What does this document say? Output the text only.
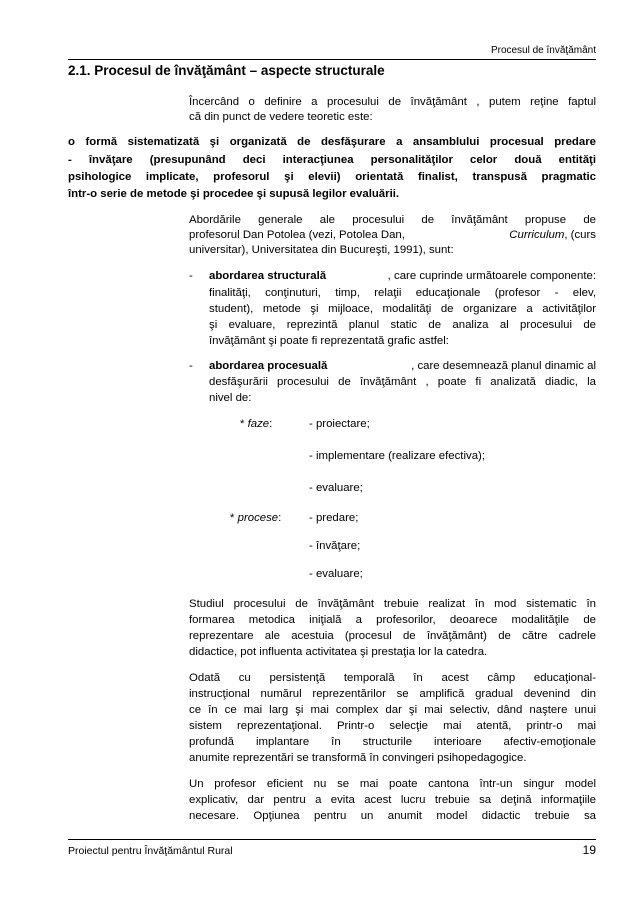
Procesul de învăţământ
2.1. Procesul de învăţământ – aspecte structurale
Încercând o definire a procesului de învăţământ , putem reţine faptul
că din punct de vedere teoretic este:
o formă sistematizată şi organizată de desfăşurare a ansamblului procesual predare
- învăţare (presupunând deci interacţiunea personalităţilor celor două entităţi
psihologice implicate, profesorul şi elevii) orientată finalist, transpusă pragmatic
într-o serie de metode şi procedee şi supusă legilor evaluării.
Abordările generale ale procesului de învăţământ propuse de
profesorul Dan Potolea (vezi, Potolea Dan,	Curriculum, (curs
universitar), Universitatea din Bucureşti, 1991), sunt:
- abordarea structurală	, care cuprinde următoarele componente:
finalităţi, conţinuturi, timp, relaţii educaţionale (profesor - elev,
student), metode şi mijloace, modalităţi de organizare a activităţilor
şi evaluare, reprezintă planul static de analiza al procesului de
învăţământ şi poate fi reprezentată grafic astfel:
- abordarea procesuală	, care desemnează planul dinamic al
desfăşurării procesului de învăţământ , poate fi analizată diadic, la
nivel de:
* faze:	- proiectare;
- implementare (realizare efectiva);
- evaluare;
* procese: - predare;
- învăţare;
- evaluare;
Studiul procesului de învăţământ trebuie realizat în mod sistematic în
formarea metodica iniţială a profesorilor, deoarece modalităţile de
reprezentare ale acestuia (procesul de învăţământ) de către cadrele
didactice, pot influenta activitatea şi prestaţia lor la catedra.
Odată cu persistenţă temporală în acest câmp educaţional-
instrucţional numărul reprezentărilor se amplifică gradual devenind din
ce în ce mai larg şi mai complex dar şi mai selectiv, dând naştere unui
sistem reprezentaţional. Printr-o selecţie mai atentă, printr-o mai
profundă implantare în structurile interioare afectiv-emoţionale
anumite reprezentări se transformă în convingeri psihopedagogice.
Un profesor eficient nu se mai poate cantona într-un singur model
explicativ, dar pentru a evita acest lucru trebuie sa deţină informaţiile
necesare. Opţiunea pentru un anumit model didactic trebuie sa
Proiectul pentru Învăţământul Rural	19
